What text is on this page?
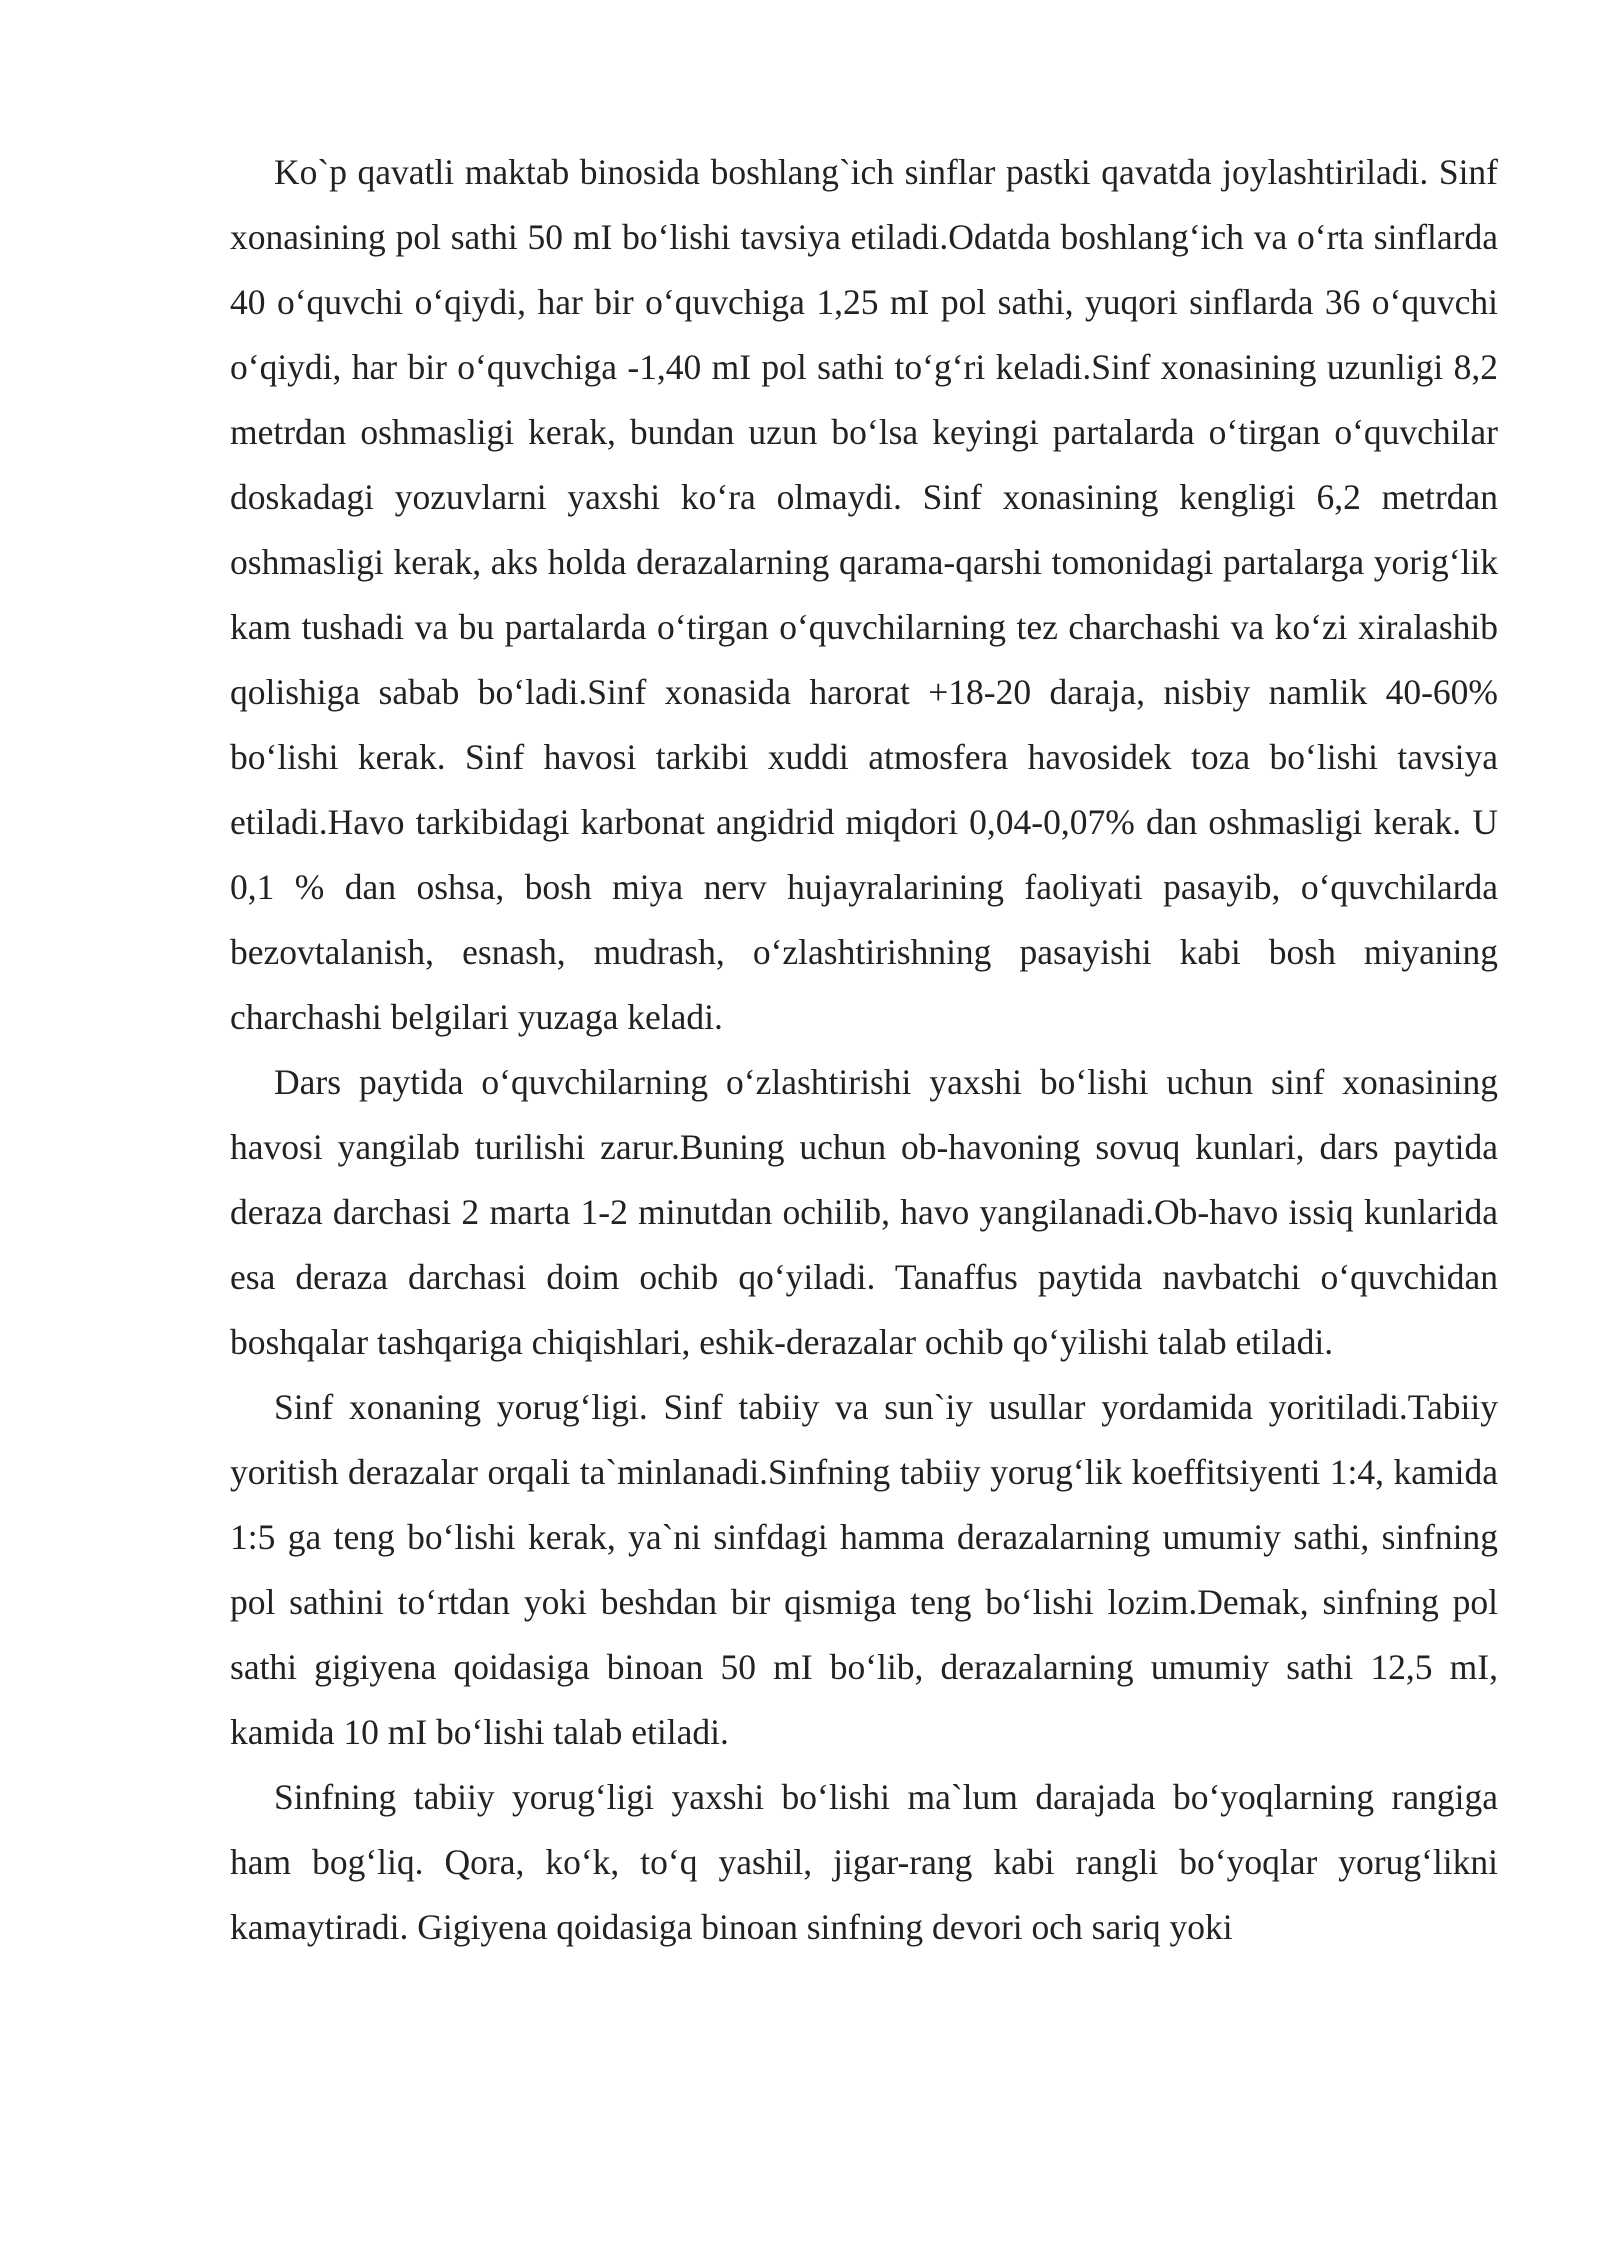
Ko`p qavatli maktab binosida boshlang`ich sinflar pastki qavatda joylashtiriladi. Sinf xonasining pol sathi 50 mI bo‘lishi tavsiya etiladi.Odatda boshlang‘ich va o‘rta sinflarda 40 o‘quvchi o‘qiydi, har bir o‘quvchiga 1,25 mI pol sathi, yuqori sinflarda 36 o‘quvchi o‘qiydi, har bir o‘quvchiga -1,40 mI pol sathi to‘g‘ri keladi.Sinf xonasining uzunligi 8,2 metrdan oshmasligi kerak, bundan uzun bo‘lsa keyingi partalarda o‘tirgan o‘quvchilar doskadagi yozuvlarni yaxshi ko‘ra olmaydi. Sinf xonasining kengligi 6,2 metrdan oshmasligi kerak, aks holda derazalarning qarama-qarshi tomonidagi partalarga yorig‘lik kam tushadi va bu partalarda o‘tirgan o‘quvchilarning tez charchashi va ko‘zi xiralashib qolishiga sabab bo‘ladi.Sinf xonasida harorat +18-20 daraja, nisbiy namlik 40-60% bo‘lishi kerak. Sinf havosi tarkibi xuddi atmosfera havosidek toza bo‘lishi tavsiya etiladi.Havo tarkibidagi karbonat angidrid miqdori 0,04-0,07% dan oshmasligi kerak. U 0,1 % dan oshsa, bosh miya nerv hujayralarining faoliyati pasayib, o‘quvchilarda bezovtalanish, esnash, mudrash, o‘zlashtirishning pasayishi kabi bosh miyaning charchashi belgilari yuzaga keladi.

Dars paytida o‘quvchilarning o‘zlashtirishi yaxshi bo‘lishi uchun sinf xonasining havosi yangilab turilishi zarur.Buning uchun ob-havoning sovuq kunlari, dars paytida deraza darchasi 2 marta 1-2 minutdan ochilib, havo yangilanadi.Ob-havo issiq kunlarida esa deraza darchasi doim ochib qo‘yiladi. Tanaffus paytida navbatchi o‘quvchidan boshqalar tashqariga chiqishlari, eshik-derazalar ochib qo‘yilishi talab etiladi.

Sinf xonaning yorug‘ligi. Sinf tabiiy va sun`iy usullar yordamida yoritiladi.Tabiiy yoritish derazalar orqali ta`minlanadi.Sinfning tabiiy yorug‘lik koeffitsiyenti 1:4, kamida 1:5 ga teng bo‘lishi kerak, ya`ni sinfdagi hamma derazalarning umumiy sathi, sinfning pol sathini to‘rtdan yoki beshdan bir qismiga teng bo‘lishi lozim.Demak, sinfning pol sathi gigiyena qoidasiga binoan 50 mI bo‘lib, derazalarning umumiy sathi 12,5 mI, kamida 10 mI bo‘lishi talab etiladi.

Sinfning tabiiy yorug‘ligi yaxshi bo‘lishi ma`lum darajada bo‘yoqlarning rangiga ham bog‘liq. Qora, ko‘k, to‘q yashil, jigar-rang kabi rangli bo‘yoqlar yorug‘likni kamaytiradi. Gigiyena qoidasiga binoan sinfning devori och sariq yoki
